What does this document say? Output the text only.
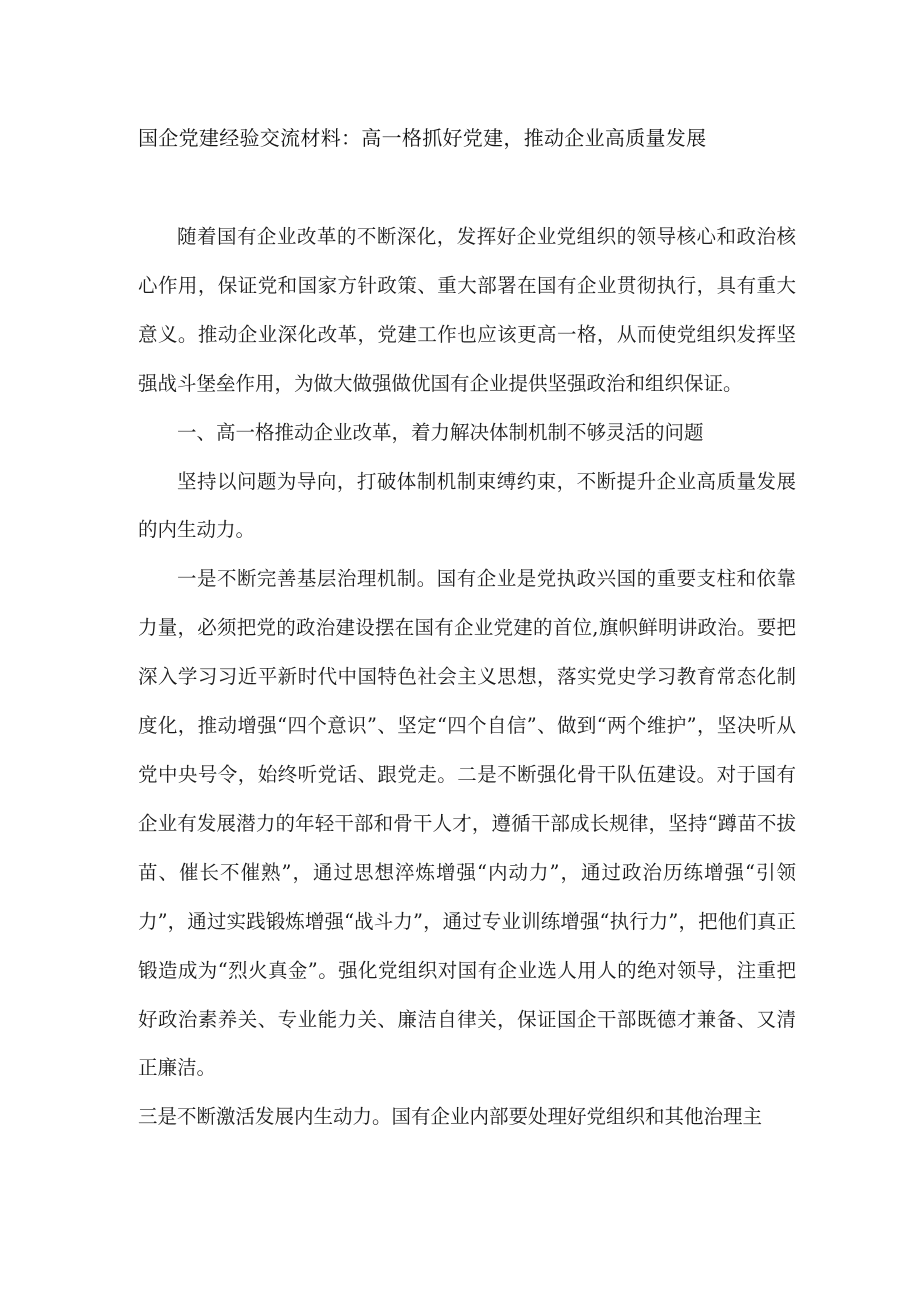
国企党建经验交流材料：高一格抓好党建，推动企业高质量发展

随着国有企业改革的不断深化，发挥好企业党组织的领导核心和政治核心作用，保证党和国家方针政策、重大部署在国有企业贯彻执行，具有重大意义。推动企业深化改革，党建工作也应该更高一格，从而使党组织发挥坚强战斗堡垒作用，为做大做强做优国有企业提供坚强政治和组织保证。

一、高一格推动企业改革，着力解决体制机制不够灵活的问题

坚持以问题为导向，打破体制机制束缚约束，不断提升企业高质量发展的内生动力。

一是不断完善基层治理机制。国有企业是党执政兴国的重要支柱和依靠力量，必须把党的政治建设摆在国有企业党建的首位,旗帜鲜明讲政治。要把深入学习习近平新时代中国特色社会主义思想，落实党史学习教育常态化制度化，推动增强“四个意识”、坚定“四个自信”、做到“两个维护”，坚决听从党中央号令，始终听党话、跟党走。二是不断强化骨干队伍建设。对于国有企业有发展潜力的年轻干部和骨干人才，遵循干部成长规律，坚持“蹲苗不拔苗、催长不催熟”，通过思想淬炼增强“内动力”，通过政治历练增强“引领力”，通过实践锻炼增强“战斗力”，通过专业训练增强“执行力”，把他们真正锻造成为“烈火真金”。强化党组织对国有企业选人用人的绝对领导，注重把好政治素养关、专业能力关、廉洁自律关，保证国企干部既德才兼备、又清正廉洁。

三是不断激活发展内生动力。国有企业内部要处理好党组织和其他治理主
